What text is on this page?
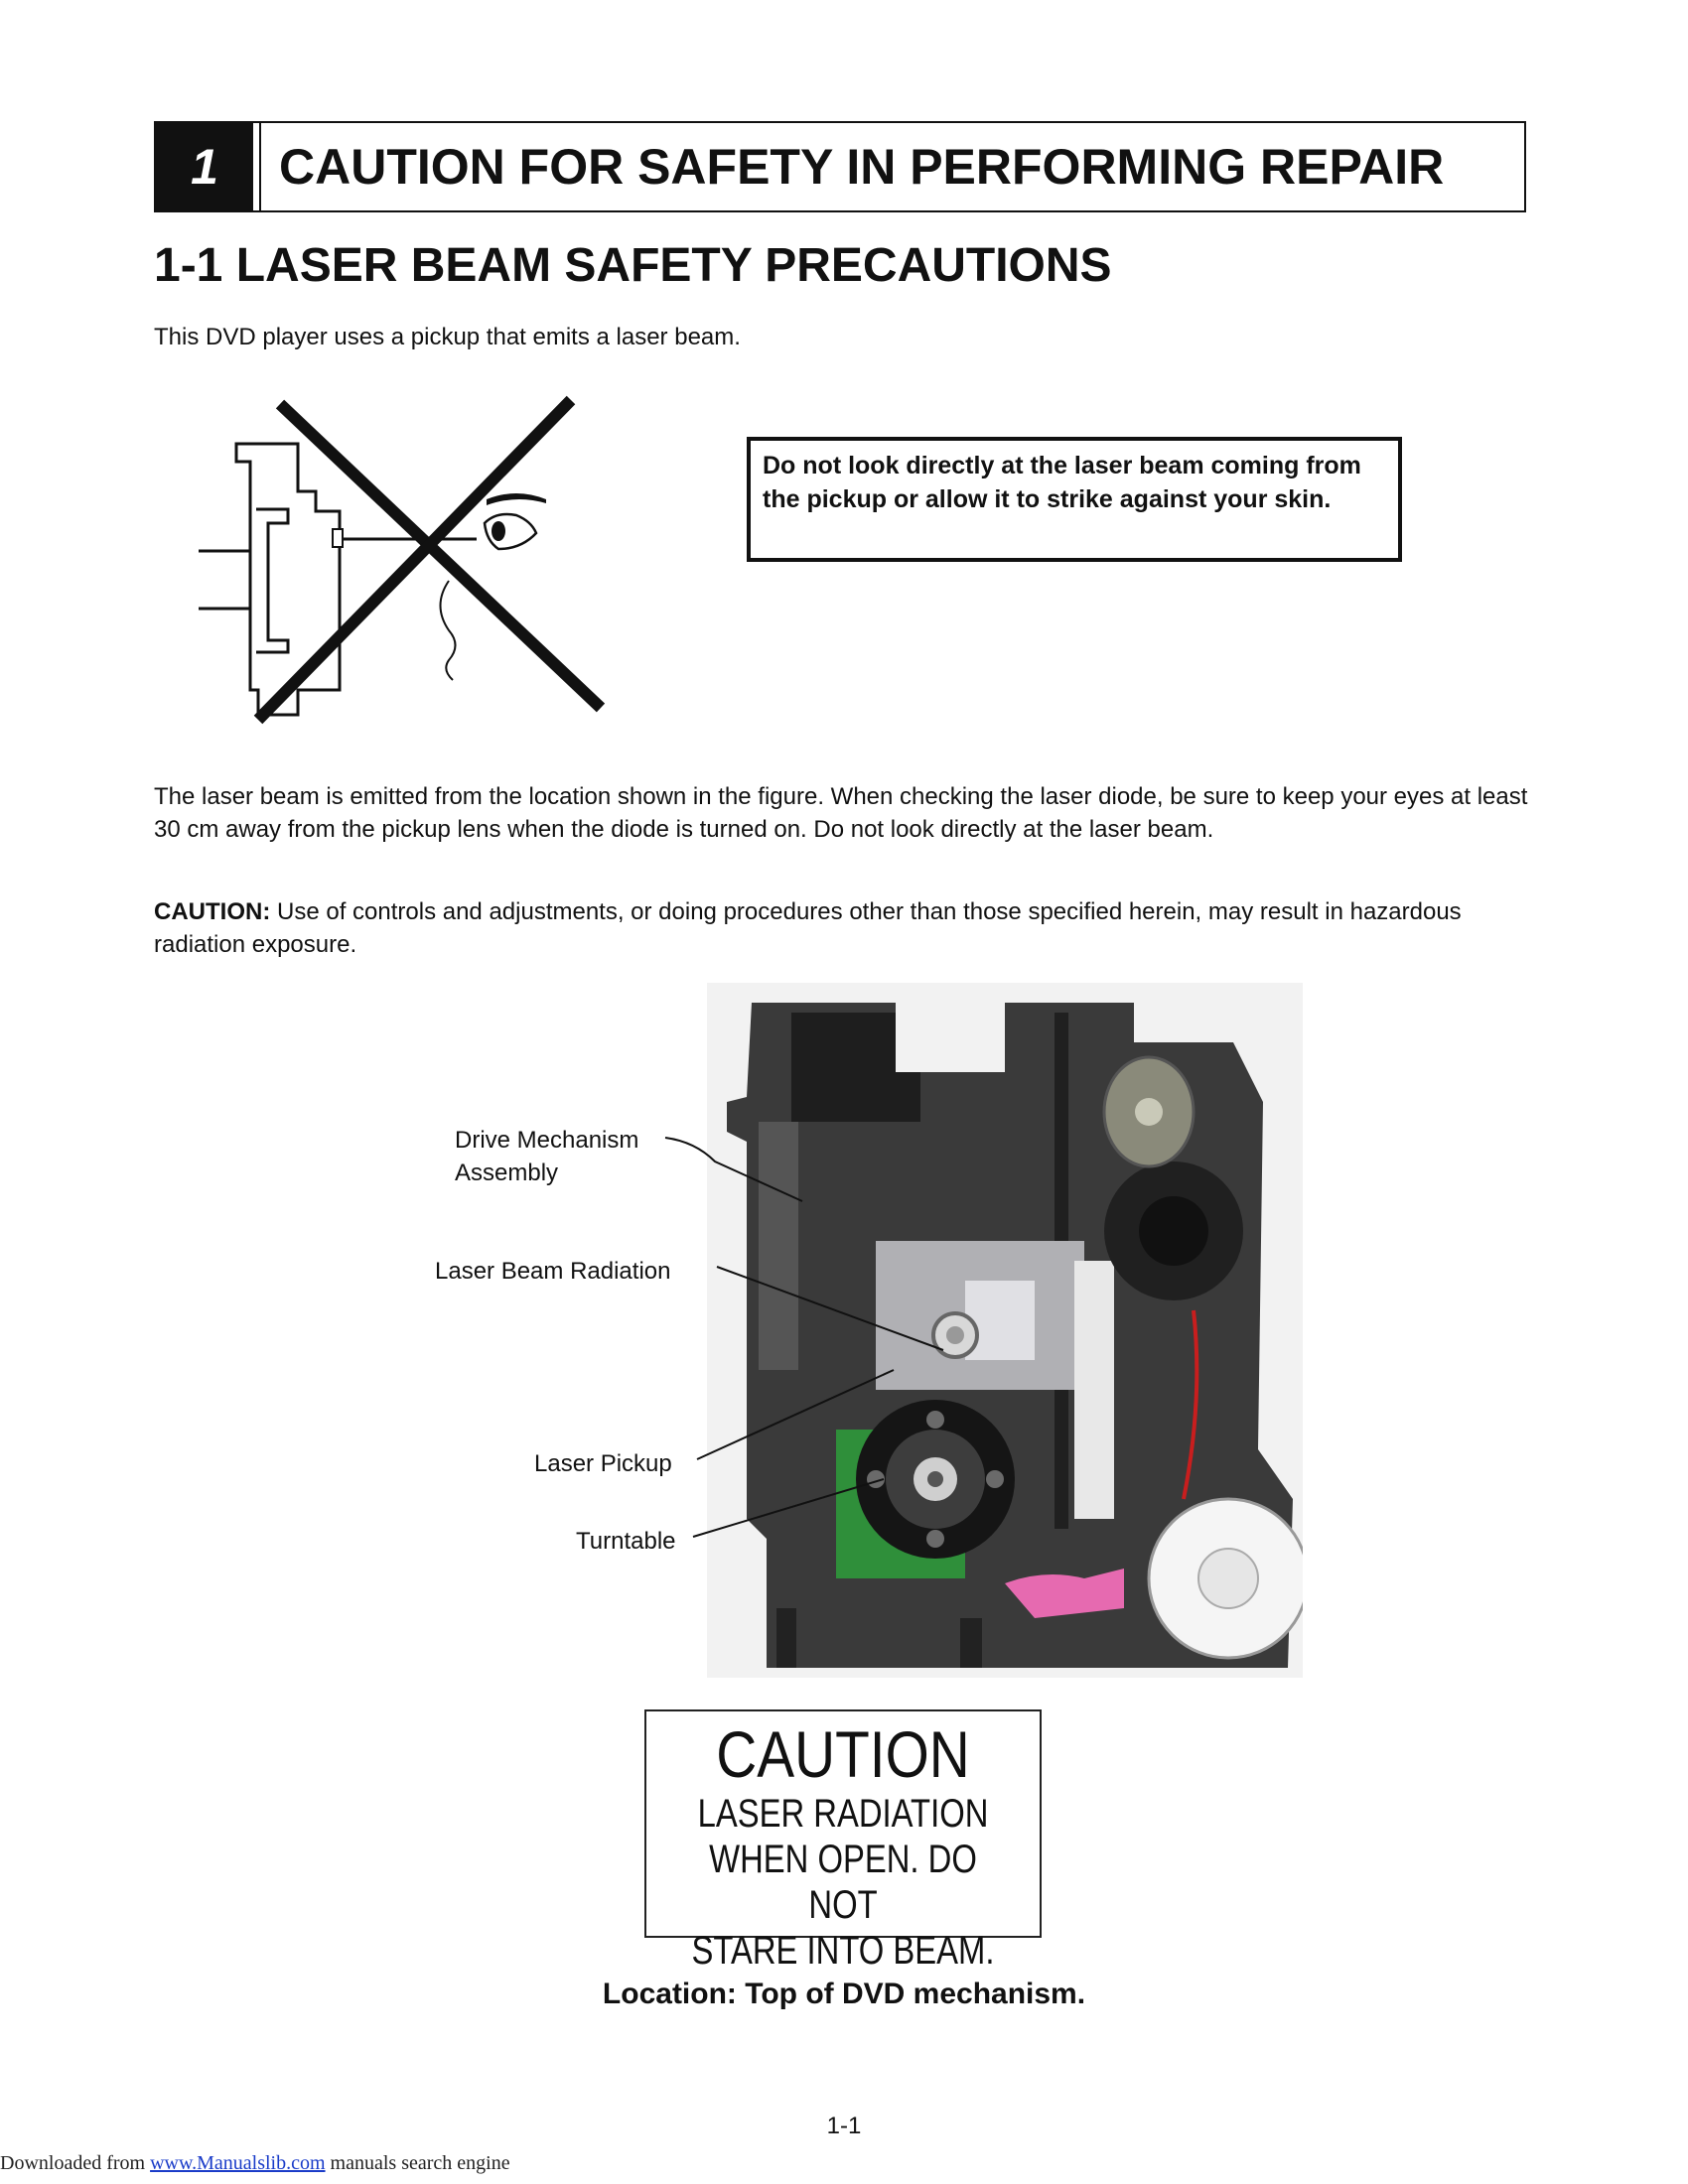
1	CAUTION FOR SAFETY IN PERFORMING REPAIR
1-1 LASER BEAM SAFETY PRECAUTIONS
This DVD player uses a pickup that emits a laser beam.
Do not look directly at the laser beam coming from the pickup or allow it to strike against your skin.
The laser beam is emitted from the location shown in the figure. When checking the laser diode, be sure to keep your eyes at least 30 cm away from the pickup lens when the diode is turned on. Do not look directly at the laser beam.
CAUTION: Use of controls and adjustments, or doing procedures other than those specified herein, may result in hazardous radiation exposure.
Drive Mechanism
Assembly
Laser Beam Radiation
Laser Pickup
Turntable
CAUTION
LASER RADIATION
WHEN OPEN. DO NOT
STARE INTO BEAM.
Location: Top of DVD mechanism.
1-1
Downloaded from www.Manualslib.com manuals search engine
